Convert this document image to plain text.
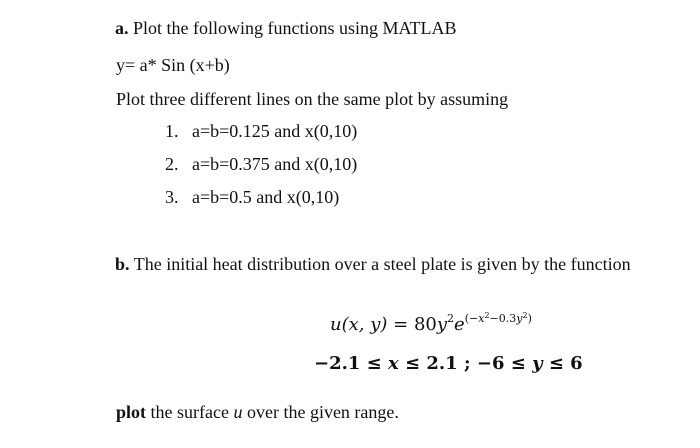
a. Plot the following functions using MATLAB
y= a* Sin (x+b)
Plot three different lines on the same plot by assuming
1. a=b=0.125 and x(0,10)
2. a=b=0.375 and x(0,10)
3. a=b=0.5 and x(0,10)
b. The initial heat distribution over a steel plate is given by the function
u(x, $y) = 80y^2e^{(-x^2-0.3y^2)}$
−2.1 ≤ x ≤ 2.1 ; −6 ≤ y ≤ 6
plot the surface u over the given range.
